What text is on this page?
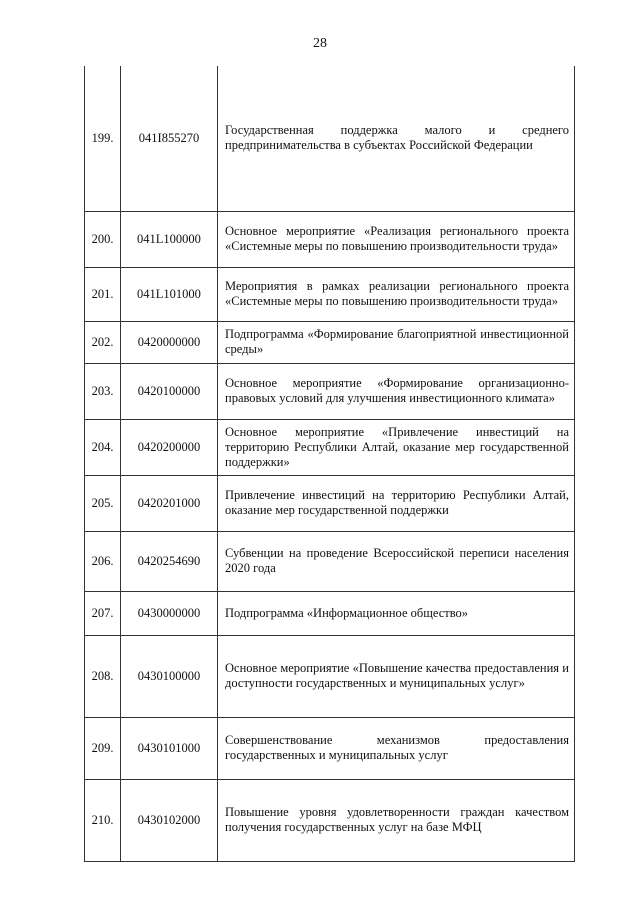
28
199.	041I855270	Государственная поддержка малого и среднего предпринимательства в субъектах Российской Федерации
200.	041L100000	Основное мероприятие «Реализация регионального проекта «Системные меры по повышению производительности труда»
201.	041L101000	Мероприятия в рамках реализации регионального проекта «Системные меры по повышению производительности труда»
202.	0420000000	Подпрограмма «Формирование благоприятной инвестиционной среды»
203.	0420100000	Основное мероприятие «Формирование организационно-правовых условий для улучшения инвестиционного климата»
204.	0420200000	Основное мероприятие «Привлечение инвестиций на территорию Республики Алтай, оказание мер государственной поддержки»
205.	0420201000	Привлечение инвестиций на территорию Республики Алтай, оказание мер государственной поддержки
206.	0420254690	Субвенции на проведение Всероссийской переписи населения 2020 года
207.	0430000000	Подпрограмма «Информационное общество»
208.	0430100000	Основное мероприятие «Повышение качества предоставления и доступности государственных и муниципальных услуг»
209.	0430101000	Совершенствование механизмов предоставления государственных и муниципальных услуг
210.	0430102000	Повышение уровня удовлетворенности граждан качеством получения государственных услуг на базе МФЦ
